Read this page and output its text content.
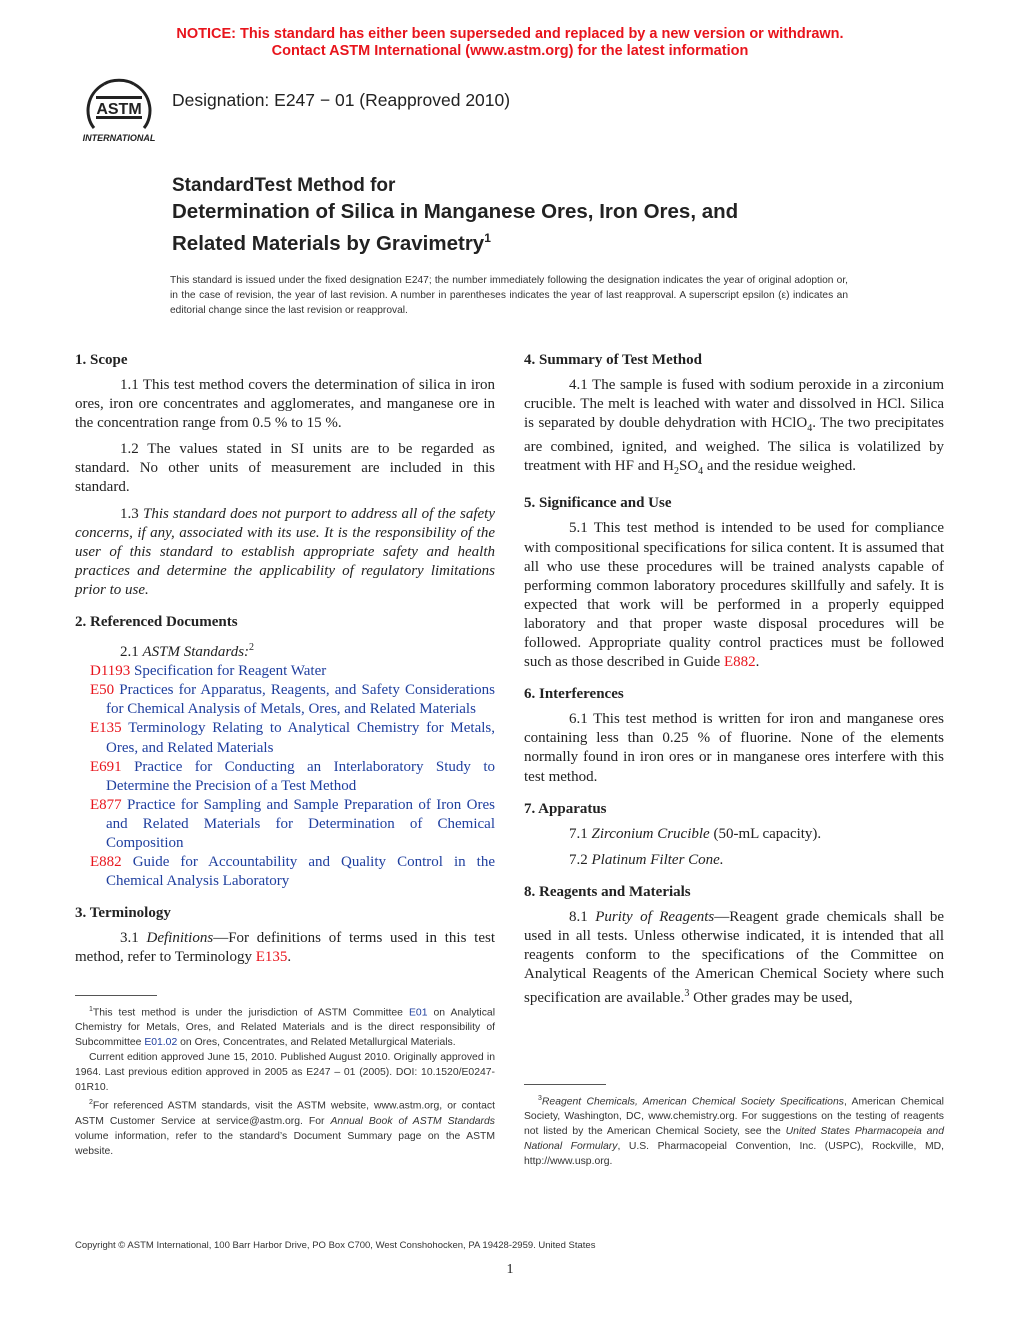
NOTICE: This standard has either been superseded and replaced by a new version or withdrawn.
Contact ASTM International (www.astm.org) for the latest information
ASTM
INTERNATIONAL
Designation: E247 − 01 (Reapproved 2010)
StandardTest Method for
Determination of Silica in Manganese Ores, Iron Ores, and
Related Materials by Gravimetry$^1$
This standard is issued under the fixed designation E247; the number immediately following the designation indicates the year of original adoption or, in the case of revision, the year of last revision. A number in parentheses indicates the year of last reapproval. A superscript epsilon (ε) indicates an editorial change since the last revision or reapproval.
1. Scope

1.1 This test method covers the determination of silica in iron ores, iron ore concentrates and agglomerates, and manganese ore in the concentration range from 0.5 % to 15 %.

1.2 The values stated in SI units are to be regarded as standard. No other units of measurement are included in this standard.

1.3 This standard does not purport to address all of the safety concerns, if any, associated with its use. It is the responsibility of the user of this standard to establish appropriate safety and health practices and determine the applicability of regulatory limitations prior to use.

2. Referenced Documents

2.1 ASTM Standards:$^2$

D1193 Specification for Reagent Water

E50 Practices for Apparatus, Reagents, and Safety Considerations for Chemical Analysis of Metals, Ores, and Related Materials

E135 Terminology Relating to Analytical Chemistry for Metals, Ores, and Related Materials

E691 Practice for Conducting an Interlaboratory Study to Determine the Precision of a Test Method

E877 Practice for Sampling and Sample Preparation of Iron Ores and Related Materials for Determination of Chemical Composition

E882 Guide for Accountability and Quality Control in the Chemical Analysis Laboratory

3. Terminology

3.1 Definitions—For definitions of terms used in this test method, refer to Terminology E135.

$^1$This test method is under the jurisdiction of ASTM Committee E01 on Analytical Chemistry for Metals, Ores, and Related Materials and is the direct responsibility of Subcommittee E01.02 on Ores, Concentrates, and Related Metallurgical Materials.

Current edition approved June 15, 2010. Published August 2010. Originally approved in 1964. Last previous edition approved in 2005 as E247 – 01 (2005). DOI: 10.1520/E0247-01R10.

$^2$For referenced ASTM standards, visit the ASTM website, www.astm.org, or contact ASTM Customer Service at service@astm.org. For Annual Book of ASTM Standards volume information, refer to the standard’s Document Summary page on the ASTM website.

4. Summary of Test Method

4.1 The sample is fused with sodium peroxide in a zirconium crucible. The melt is leached with water and dissolved in HCl. Silica is separated by double dehydration with HClO$_4$. The two precipitates are combined, ignited, and weighed. The silica is volatilized by treatment with HF and $H_2SO_4$ and the residue weighed.

5. Significance and Use

5.1 This test method is intended to be used for compliance with compositional specifications for silica content. It is assumed that all who use these procedures will be trained analysts capable of performing common laboratory procedures skillfully and safely. It is expected that work will be performed in a properly equipped laboratory and that proper waste disposal procedures will be followed. Appropriate quality control practices must be followed such as those described in Guide E882.

6. Interferences

6.1 This test method is written for iron and manganese ores containing less than 0.25 % of fluorine. None of the elements normally found in iron ores or in manganese ores interfere with this test method.

7. Apparatus

7.1 Zirconium Crucible (50-mL capacity).

7.2 Platinum Filter Cone.

8. Reagents and Materials

8.1 Purity of Reagents—Reagent grade chemicals shall be used in all tests. Unless otherwise indicated, it is intended that all reagents conform to the specifications of the Committee on Analytical Reagents of the American Chemical Society where such specification are available.$^3$ Other grades may be used,

$^3$Reagent Chemicals, American Chemical Society Specifications, American Chemical Society, Washington, DC, www.chemistry.org. For suggestions on the testing of reagents not listed by the American Chemical Society, see the United States Pharmacopeia and National Formulary, U.S. Pharmacopeial Convention, Inc. (USPC), Rockville, MD, http://www.usp.org.

Copyright © ASTM International, 100 Barr Harbor Drive, PO Box C700, West Conshohocken, PA 19428-2959. United States
1
